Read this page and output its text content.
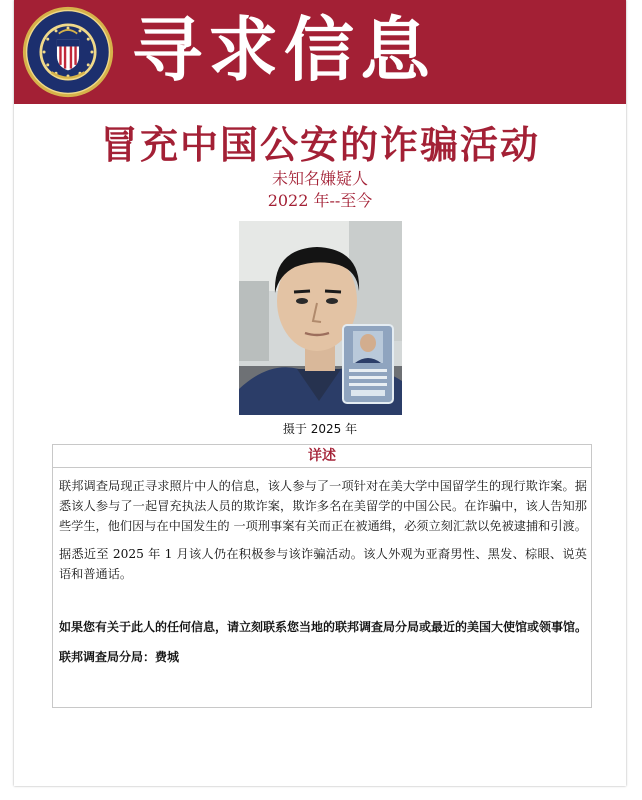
寻求信息
冒充中国公安的诈骗活动
未知名嫌疑人
2022 年--至今
摄于 2025 年
详述

联邦调查局现正寻求照片中人的信息，该人参与了一项针对在美大学中国留学生的现行欺诈案。据悉该人参与了一起冒充执法人员的欺诈案，欺诈多名在美留学的中国公民。在诈骗中，该人告知那些学生，他们因与在中国发生的 一项刑事案有关而正在被通缉，必须立刻汇款以免被逮捕和引渡。

据悉近至 2025 年 1 月该人仍在积极参与该诈骗活动。该人外观为亚裔男性、黑发、棕眼、说英语和普通话。

如果您有关于此人的任何信息，请立刻联系您当地的联邦调查局分局或最近的美国大使馆或领事馆。

联邦调查局分局：费城
